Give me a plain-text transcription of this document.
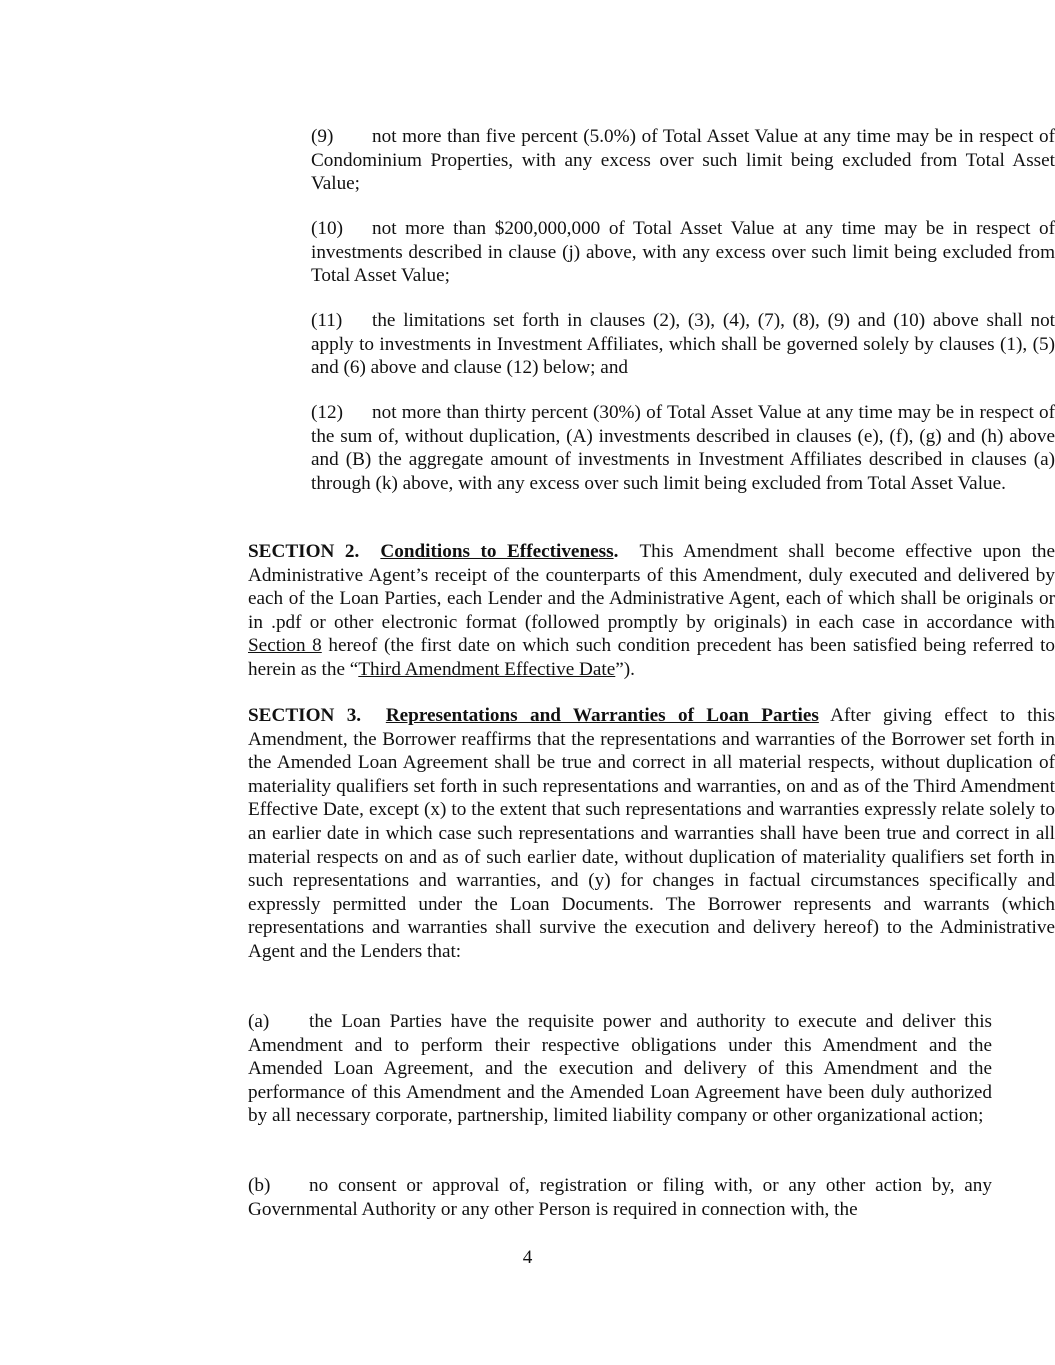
(9) not more than five percent (5.0%) of Total Asset Value at any time may be in respect of Condominium Properties, with any excess over such limit being excluded from Total Asset Value;

(10) not more than $200,000,000 of Total Asset Value at any time may be in respect of investments described in clause (j) above, with any excess over such limit being excluded from Total Asset Value;

(11) the limitations set forth in clauses (2), (3), (4), (7), (8), (9) and (10) above shall not apply to investments in Investment Affiliates, which shall be governed solely by clauses (1), (5) and (6) above and clause (12) below; and

(12) not more than thirty percent (30%) of Total Asset Value at any time may be in respect of the sum of, without duplication, (A) investments described in clauses (e), (f), (g) and (h) above and (B) the aggregate amount of investments in Investment Affiliates described in clauses (a) through (k) above, with any excess over such limit being excluded from Total Asset Value.

SECTION 2. Conditions to Effectiveness. This Amendment shall become effective upon the Administrative Agent’s receipt of the counterparts of this Amendment, duly executed and delivered by each of the Loan Parties, each Lender and the Administrative Agent, each of which shall be originals or in .pdf or other electronic format (followed promptly by originals) in each case in accordance with Section 8 hereof (the first date on which such condition precedent has been satisfied being referred to herein as the “Third Amendment Effective Date”).

SECTION 3. Representations and Warranties of Loan Parties After giving effect to this Amendment, the Borrower reaffirms that the representations and warranties of the Borrower set forth in the Amended Loan Agreement shall be true and correct in all material respects, without duplication of materiality qualifiers set forth in such representations and warranties, on and as of the Third Amendment Effective Date, except (x) to the extent that such representations and warranties expressly relate solely to an earlier date in which case such representations and warranties shall have been true and correct in all material respects on and as of such earlier date, without duplication of materiality qualifiers set forth in such representations and warranties, and (y) for changes in factual circumstances specifically and expressly permitted under the Loan Documents. The Borrower represents and warrants (which representations and warranties shall survive the execution and delivery hereof) to the Administrative Agent and the Lenders that:

(a) the Loan Parties have the requisite power and authority to execute and deliver this Amendment and to perform their respective obligations under this Amendment and the Amended Loan Agreement, and the execution and delivery of this Amendment and the performance of this Amendment and the Amended Loan Agreement have been duly authorized by all necessary corporate, partnership, limited liability company or other organizational action;

(b) no consent or approval of, registration or filing with, or any other action by, any Governmental Authority or any other Person is required in connection with, the

4
